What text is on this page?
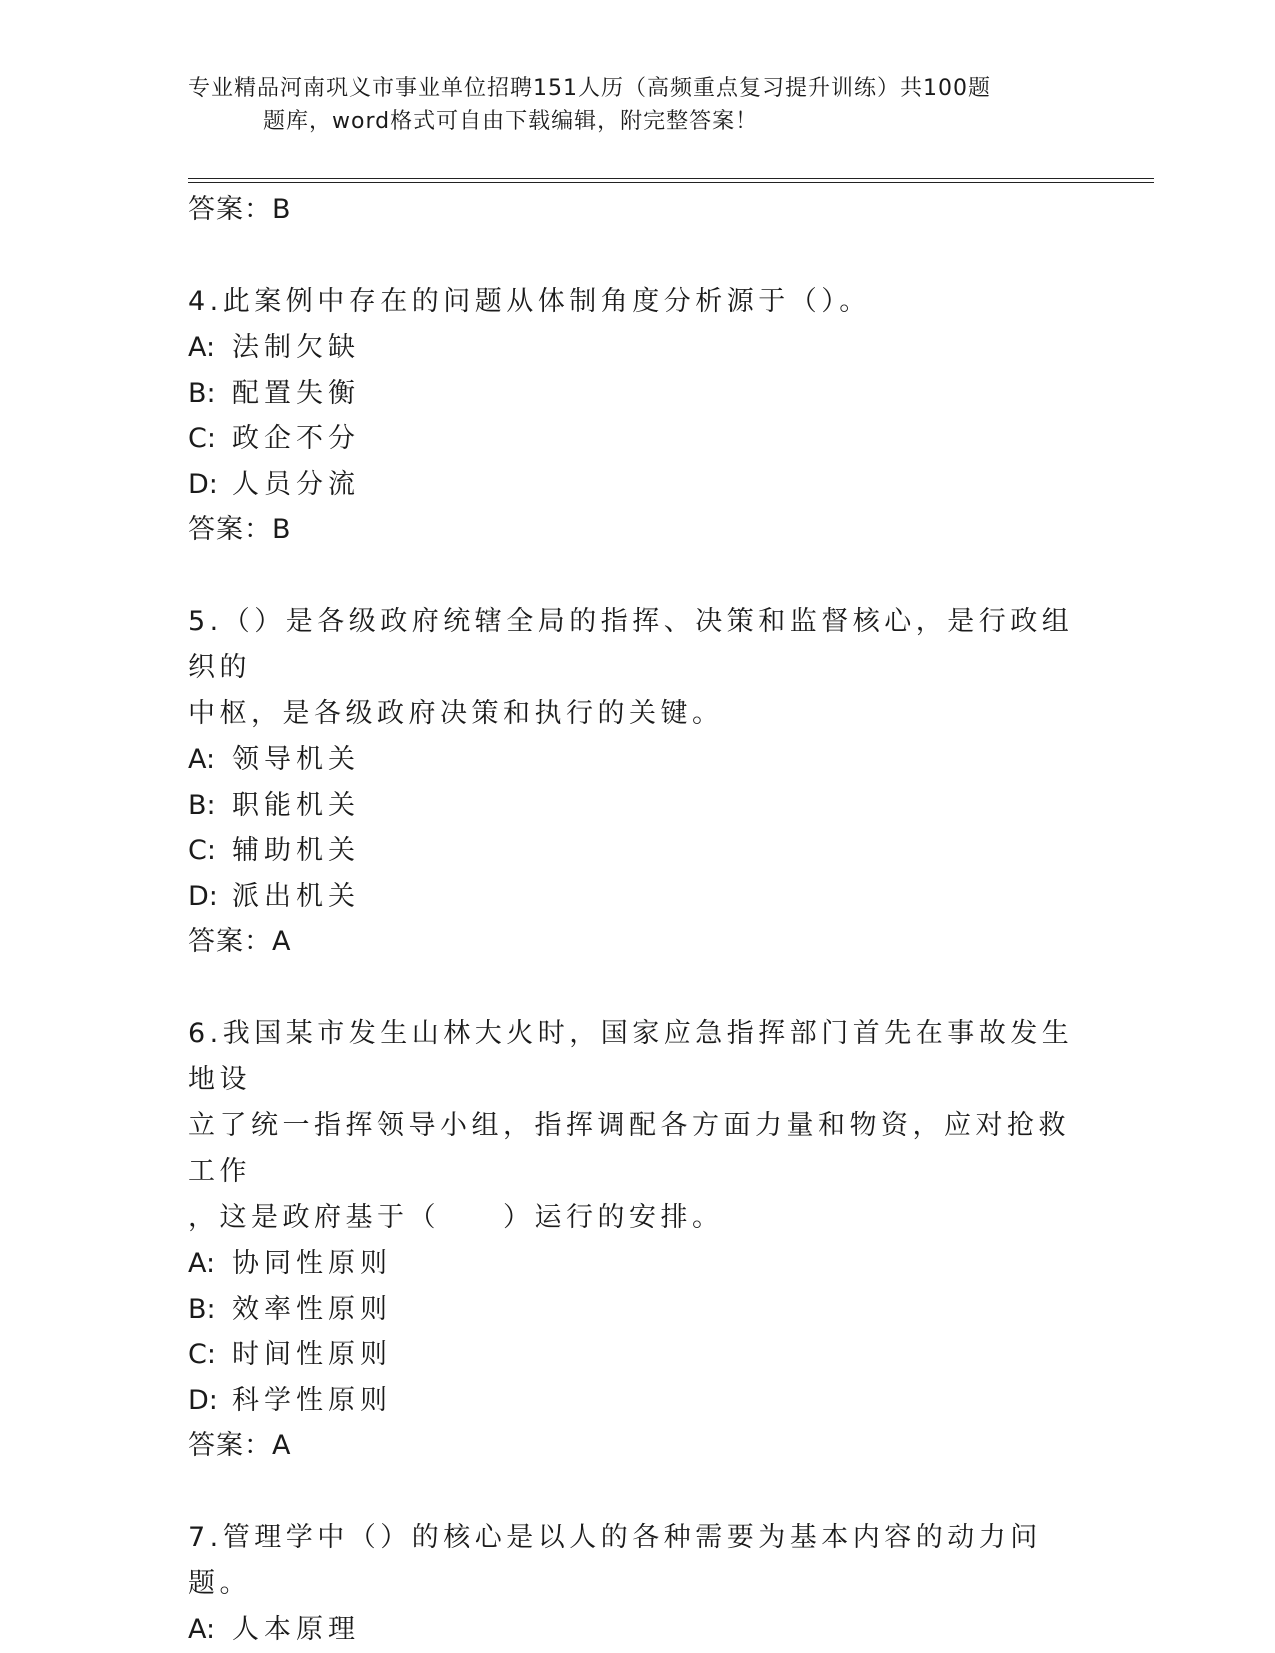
专业精品河南巩义市事业单位招聘151人历（高频重点复习提升训练）共100题
题库，word格式可自由下载编辑，附完整答案！
答案：B
4.此案例中存在的问题从体制角度分析源于（）。
A: 法制欠缺
B: 配置失衡
C: 政企不分
D: 人员分流
答案：B
5.（）是各级政府统辖全局的指挥、决策和监督核心，是行政组织的
中枢，是各级政府决策和执行的关键。
A: 领导机关
B: 职能机关
C: 辅助机关
D: 派出机关
答案：A
6.我国某市发生山林大火时，国家应急指挥部门首先在事故发生地设
立了统一指挥领导小组，指挥调配各方面力量和物资，应对抢救工作
，这是政府基于（　　）运行的安排。
A: 协同性原则
B: 效率性原则
C: 时间性原则
D: 科学性原则
答案：A
7.管理学中（）的核心是以人的各种需要为基本内容的动力问题。
A: 人本原理
